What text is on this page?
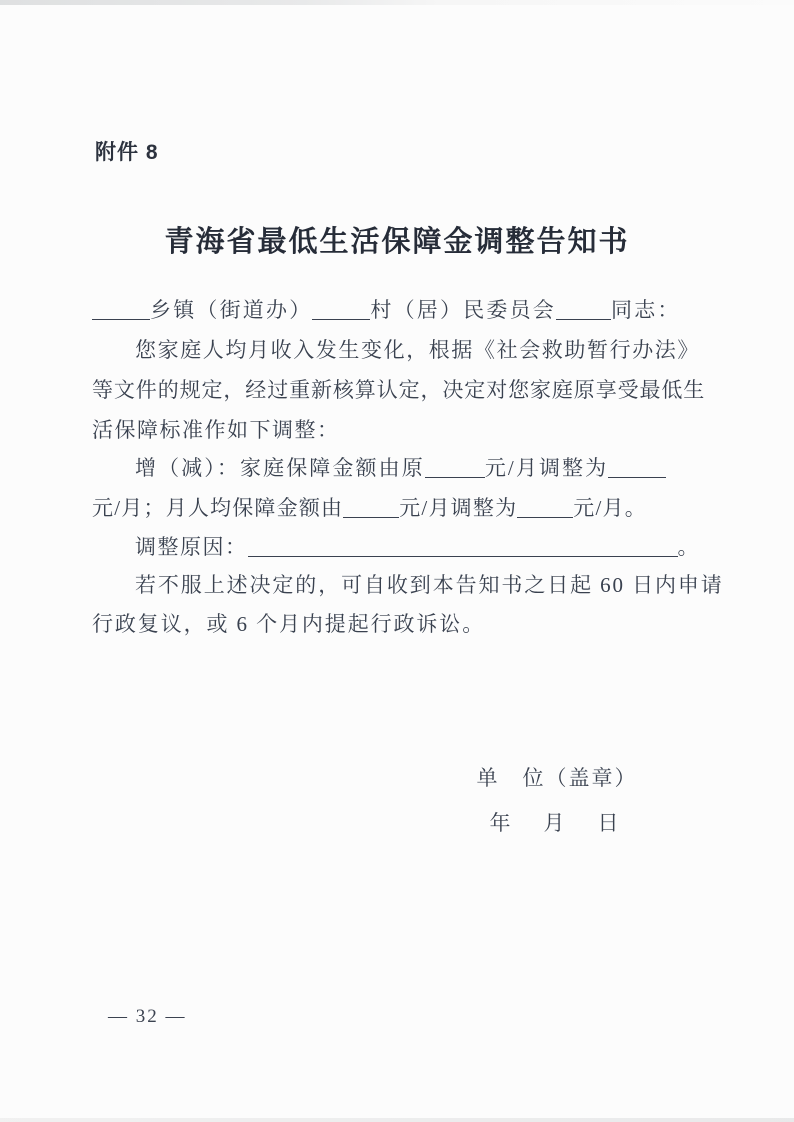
附件 8
青海省最低生活保障金调整告知书
乡镇（街道办）	村（居）民委员会	同志：
您家庭人均月收入发生变化，根据《社会救助暂行办法》
等文件的规定，经过重新核算认定，决定对您家庭原享受最低生
活保障标准作如下调整：
增（减）：家庭保障金额由原	元/月调整为
元/月；月人均保障金额由	元/月调整为	元/月。
调整原因：	。
若不服上述决定的，可自收到本告知书之日起 60 日内申请
行政复议，或 6 个月内提起行政诉讼。
单　位（盖章）
年　月　日
— 32 —
